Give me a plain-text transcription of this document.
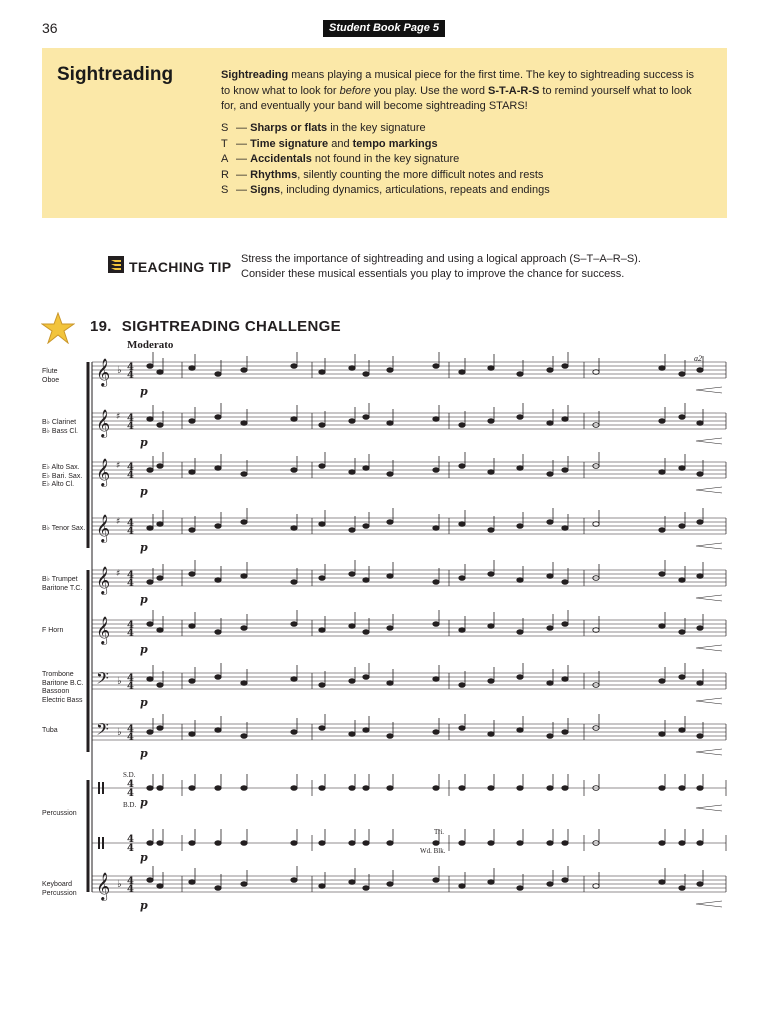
36	Student Book Page 5
Sightreading	Sightreading means playing a musical piece for the first time. The key to sightreading success is to know what to look for before you play. Use the word S-T-A-R-S to remind yourself what to look for, and eventually your band will become sightreading STARS!
S — Sharps or flats in the key signature
T — Time signature and tempo markings
A — Accidentals not found in the key signature
R — Rhythms, silently counting the more difficult notes and rests
S — Signs, including dynamics, articulations, repeats and endings
TEACHING TIP Stress the importance of sightreading and using a logical approach (S–T–A–R–S).
Consider these musical essentials you play to improve the chance for success.
19. SIGHTREADING CHALLENGE
Moderato
a2
Flute
Oboe
B♭ Clarinet
B♭ Bass Cl.
E♭ Alto Sax.
E♭ Bari. Sax.
E♭ Alto Cl.
B♭ Tenor Sax.
B♭ Trumpet
Baritone T.C.
F Horn
Trombone
Baritone B.C.
Bassoon
Electric Bass
Tuba
Percussion
Keyboard
Percussion
S.D.
B.D.
Tri.
Wd. Blk.
𝄞 ♭ 4
4
p
𝄞 ♯ 4
4
p
𝄞 ♯ 4
4
p
𝄞 ♯ 4
4
p
𝄞 ♯ 4
4
p
𝄞 4
4
p
𝄢 ♭ 4
4
p
𝄢 ♭ 4
4
p
4
4
p
4
4
p
𝄞 ♭ 4
4
p
